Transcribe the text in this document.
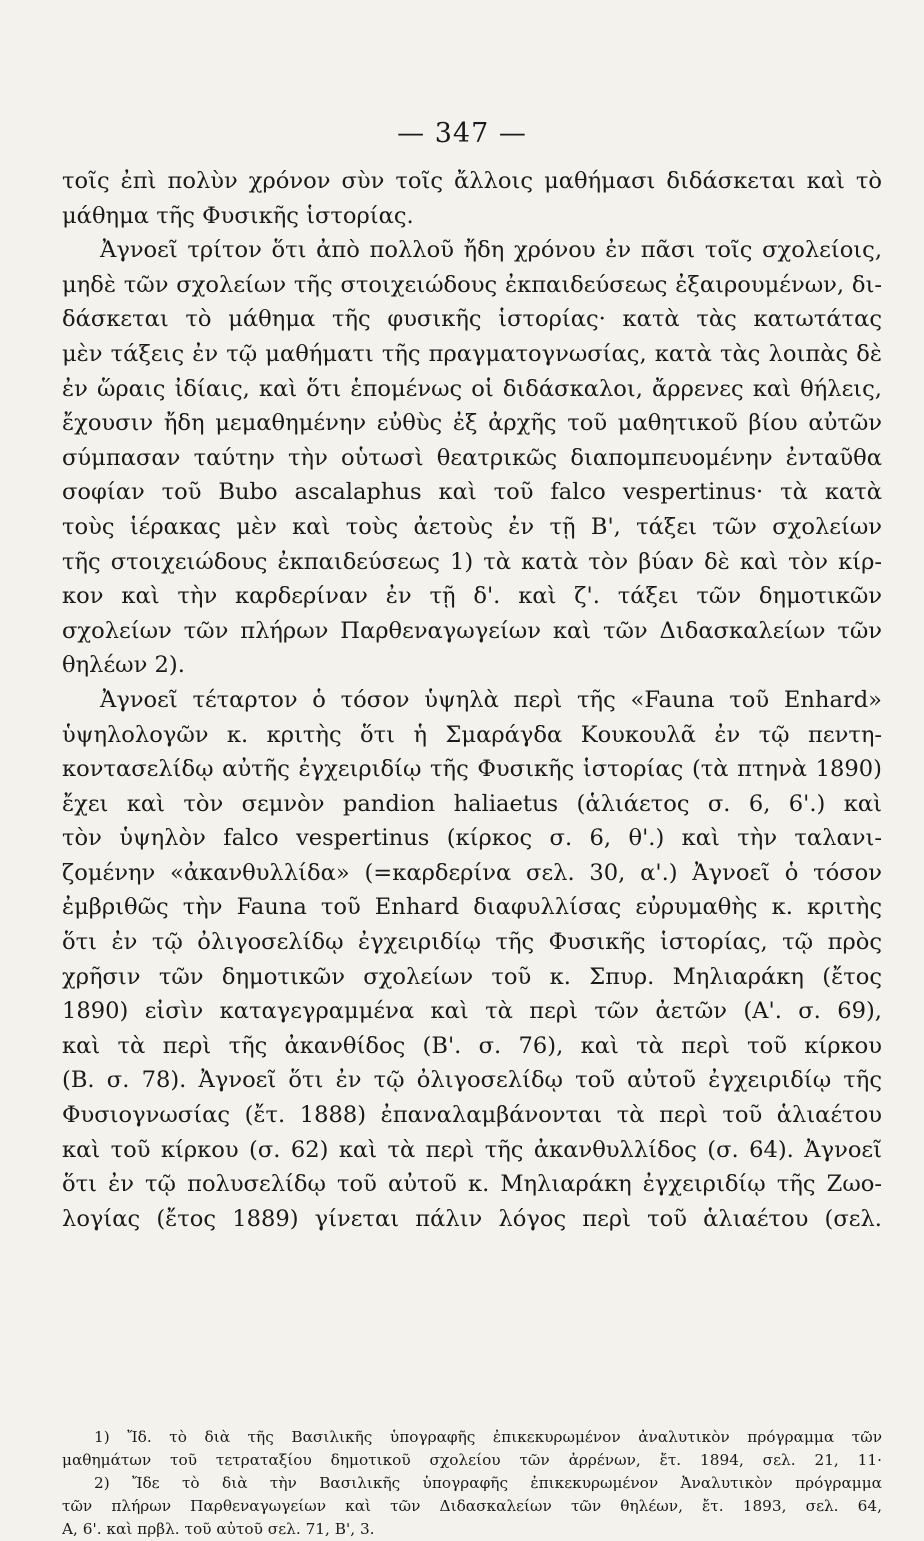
— 347 —
τοῖς ἐπὶ πολὺν χρόνον σὺν τοῖς ἄλλοις μαθήμασι διδάσκεται καὶ τὸ
μάθημα τῆς Φυσικῆς ἱστορίας.
Ἀγνοεῖ τρίτον ὅτι ἀπὸ πολλοῦ ἤδη χρόνου ἐν πᾶσι τοῖς σχολείοις,
μηδὲ τῶν σχολείων τῆς στοιχειώδους ἐκπαιδεύσεως ἐξαιρουμένων, δι-
δάσκεται τὸ μάθημα τῆς φυσικῆς ἱστορίας· κατὰ τὰς κατωτάτας
μὲν τάξεις ἐν τῷ μαθήματι τῆς πραγματογνωσίας, κατὰ τὰς λοιπὰς δὲ
ἐν ὥραις ἰδίαις, καὶ ὅτι ἑπομένως οἱ διδάσκαλοι, ἄρρενες καὶ θήλεις,
ἔχουσιν ἤδη μεμαθημένην εὐθὺς ἐξ ἀρχῆς τοῦ μαθητικοῦ βίου αὐτῶν
σύμπασαν ταύτην τὴν οὑτωσὶ θεατρικῶς διαπομπευομένην ἐνταῦθα
σοφίαν τοῦ Bubo ascalaphus καὶ τοῦ falco vespertinus· τὰ κατὰ
τοὺς ἱέρακας μὲν καὶ τοὺς ἀετοὺς ἐν τῇ Β', τάξει τῶν σχολείων
τῆς στοιχειώδους ἐκπαιδεύσεως 1) τὰ κατὰ τὸν βύαν δὲ καὶ τὸν κίρ-
κον καὶ τὴν καρδερίναν ἐν τῇ δ'. καὶ ζ'. τάξει τῶν δημοτικῶν
σχολείων τῶν πλήρων Παρθεναγωγείων καὶ τῶν Διδασκαλείων τῶν
θηλέων 2).
Ἀγνοεῖ τέταρτον ὁ τόσον ὑψηλὰ περὶ τῆς «Fauna τοῦ Enhard»
ὑψηλολογῶν κ. κριτὴς ὅτι ἡ Σμαράγδα Κουκουλᾶ ἐν τῷ πεντη-
κοντασελίδῳ αὐτῆς ἐγχειριδίῳ τῆς Φυσικῆς ἱστορίας (τὰ πτηνὰ 1890)
ἔχει καὶ τὸν σεμνὸν pandion haliaetus (ἁλιάετος σ. 6, 6'.) καὶ
τὸν ὑψηλὸν falco vespertinus (κίρκος σ. 6, θ'.) καὶ τὴν ταλανι-
ζομένην «ἀκανθυλλίδα» (=καρδερίνα σελ. 30, α'.) Ἀγνοεῖ ὁ τόσον
ἐμβριθῶς τὴν Fauna τοῦ Enhard διαφυλλίσας εὐρυμαθὴς κ. κριτὴς
ὅτι ἐν τῷ ὀλιγοσελίδῳ ἐγχειριδίῳ τῆς Φυσικῆς ἱστορίας, τῷ πρὸς
χρῆσιν τῶν δημοτικῶν σχολείων τοῦ κ. Σπυρ. Μηλιαράκη (ἔτος
1890) εἰσὶν καταγεγραμμένα καὶ τὰ περὶ τῶν ἀετῶν (Α'. σ. 69),
καὶ τὰ περὶ τῆς ἀκανθίδος (Β'. σ. 76), καὶ τὰ περὶ τοῦ κίρκου
(Β. σ. 78). Ἀγνοεῖ ὅτι ἐν τῷ ὀλιγοσελίδῳ τοῦ αὐτοῦ ἐγχειριδίῳ τῆς
Φυσιογνωσίας (ἔτ. 1888) ἐπαναλαμβάνονται τὰ περὶ τοῦ ἁλιαέτου
καὶ τοῦ κίρκου (σ. 62) καὶ τὰ περὶ τῆς ἀκανθυλλίδος (σ. 64). Ἀγνοεῖ
ὅτι ἐν τῷ πολυσελίδῳ τοῦ αὐτοῦ κ. Μηλιαράκη ἐγχειριδίῳ τῆς Ζωο-
λογίας (ἔτος 1889) γίνεται πάλιν λόγος περὶ τοῦ ἁλιαέτου (σελ.
1) Ἴδ. τὸ διὰ τῆς Βασιλικῆς ὑπογραφῆς ἐπικεκυρωμένον ἀναλυτικὸν πρόγραμμα τῶν
μαθημάτων τοῦ τετραταξίου δημοτικοῦ σχολείου τῶν ἀρρένων, ἔτ. 1894, σελ. 21, 11·
2) Ἴδε τὸ διὰ τὴν Βασιλικῆς ὑπογραφῆς ἐπικεκυρωμένον Ἀναλυτικὸν πρόγραμμα
τῶν πλήρων Παρθεναγωγείων καὶ τῶν Διδασκαλείων τῶν θηλέων, ἔτ. 1893, σελ. 64,
Α, 6'. καὶ πρβλ. τοῦ αὐτοῦ σελ. 71, Β', 3.
